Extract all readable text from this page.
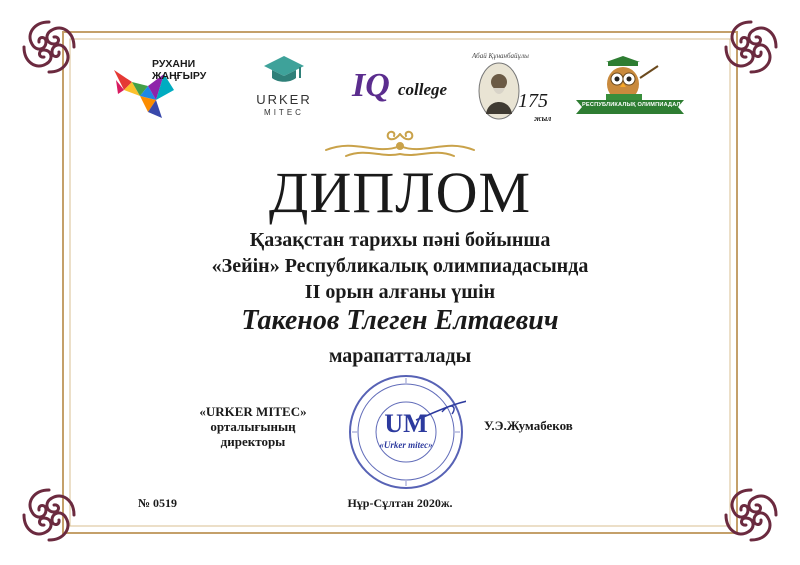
РУХАНИ
ЖАҢҒЫРУ
URKER
MITEC
IQ college
Абай Құнанбайұлы
175
жыл
РЕСПУБЛИКАЛЫҚ ОЛИМПИАДАЛАР
ДИПЛОМ
Қазақстан тарихы пәні бойынша
«Зейін» Республикалық олимпиадасында
II орын алғаны үшін
Такенов Тлеген Елтаевич
марапатталады
«URKER MITEC»
орталығының
директоры
UM
«Urker mitec»
У.Э.Жумабеков
№ 0519	Нұр-Сұлтан 2020ж.
